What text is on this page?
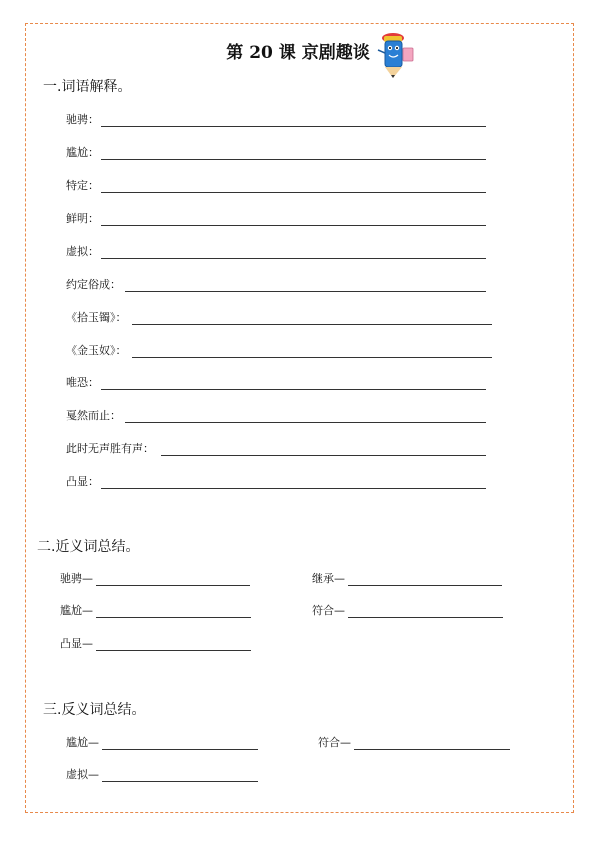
第 20 课 京剧趣谈
一.词语解释。
驰骋：
尴尬：
特定：
鲜明：
虚拟：
约定俗成：
《拾玉镯》：
《金玉奴》：
唯恐：
戛然而止：
此时无声胜有声：
凸显：
二.近义词总结。
驰骋—	继承—
尴尬—	符合—
凸显—
三.反义词总结。
尴尬—	符合—
虚拟—
